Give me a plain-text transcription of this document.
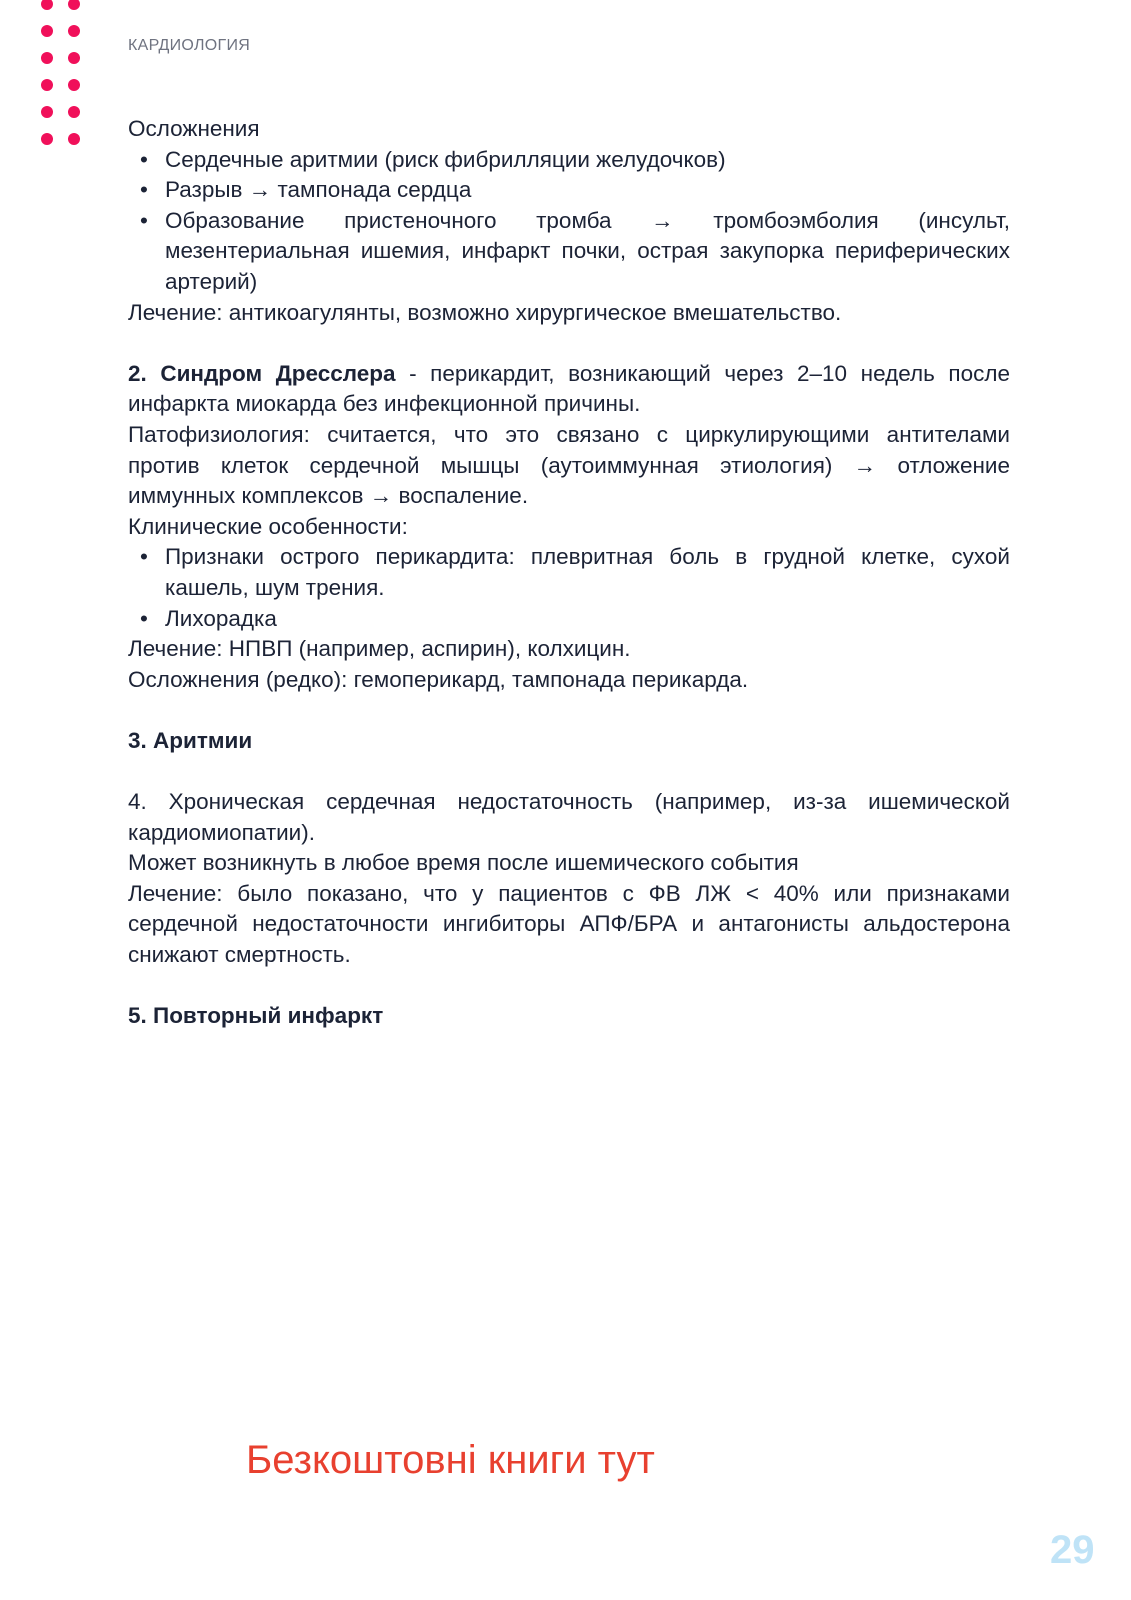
КАРДИОЛОГИЯ

Осложнения

• Сердечные аритмии (риск фибрилляции желудочков)
• Разрыв → тампонада сердца
• Образование пристеночного тромба → тромбоэмболия (инсульт, мезентериальная ишемия, инфаркт почки, острая закупорка периферических артерий)

Лечение: антикоагулянты, возможно хирургическое вмешательство.

2. Синдром Дресслера - перикардит, возникающий через 2–10 недель после инфаркта миокарда без инфекционной причины.

Патофизиология: считается, что это связано с циркулирующими антителами против клеток сердечной мышцы (аутоиммунная этиология) → отложение иммунных комплексов → воспаление.

Клинические особенности:

• Признаки острого перикардита: плевритная боль в грудной клетке, сухой кашель, шум трения.
• Лихорадка

Лечение: НПВП (например, аспирин), колхицин.

Осложнения (редко): гемоперикард, тампонада перикарда.

3. Аритмии

4. Хроническая сердечная недостаточность (например, из-за ишемической кардиомиопатии).

Может возникнуть в любое время после ишемического события

Лечение: было показано, что у пациентов с ФВ ЛЖ < 40% или признаками сердечной недостаточности ингибиторы АПФ/БРА и антагонисты альдостерона снижают смертность.

5. Повторный инфаркт

Безкоштовні книги тут
29
